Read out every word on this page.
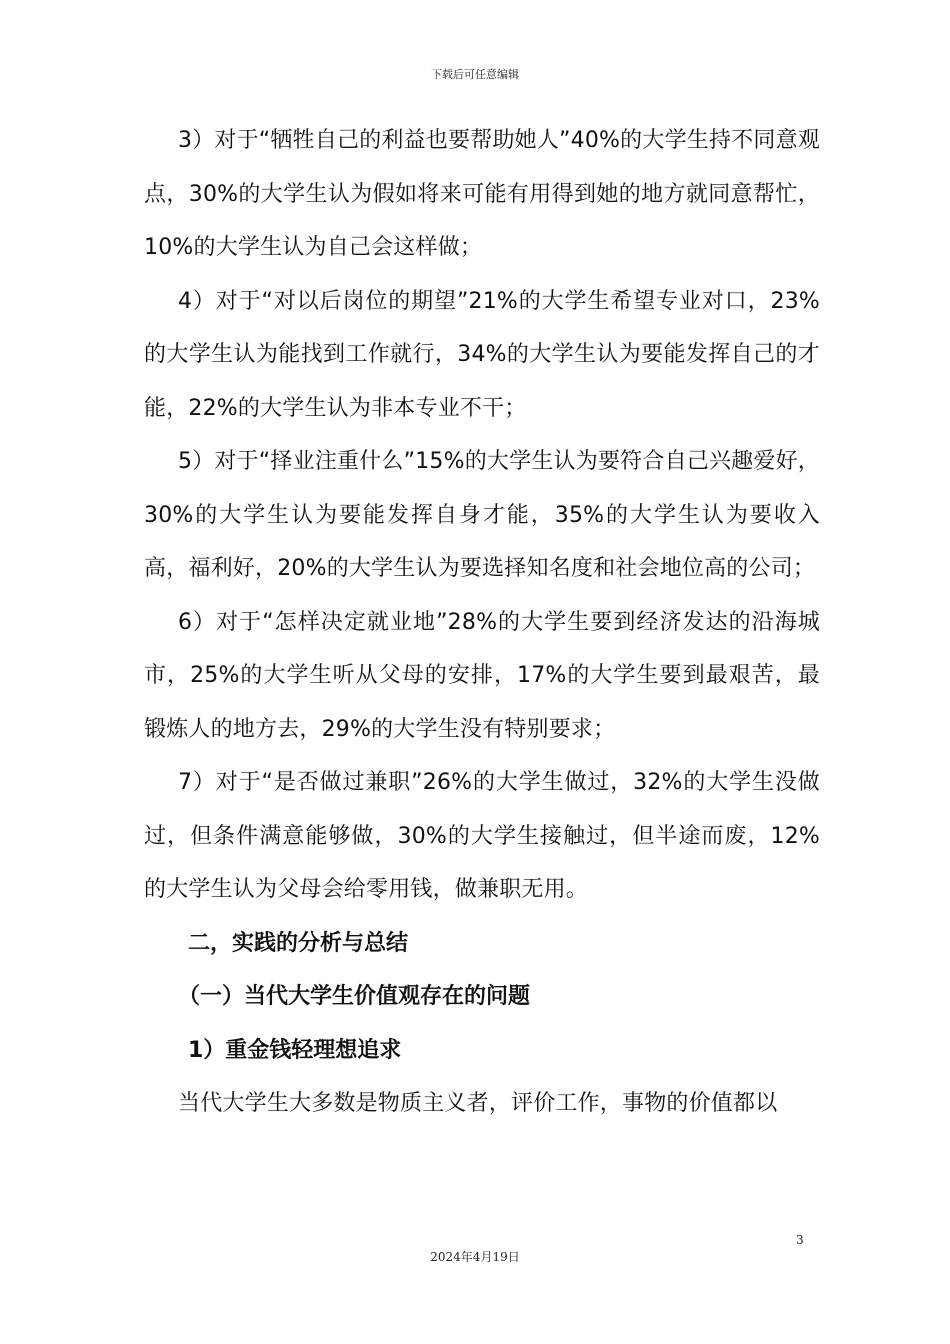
下载后可任意编辑

3）对于“牺牲自己的利益也要帮助她人”40%的大学生持不同意观点，30%的大学生认为假如将来可能有用得到她的地方就同意帮忙，10%的大学生认为自己会这样做；

4）对于“对以后岗位的期望”21%的大学生希望专业对口，23%的大学生认为能找到工作就行，34%的大学生认为要能发挥自己的才能，22%的大学生认为非本专业不干；

5）对于“择业注重什么”15%的大学生认为要符合自己兴趣爱好，30%的大学生认为要能发挥自身才能，35%的大学生认为要收入高，福利好，20%的大学生认为要选择知名度和社会地位高的公司；

6）对于“怎样决定就业地”28%的大学生要到经济发达的沿海城市，25%的大学生听从父母的安排，17%的大学生要到最艰苦，最锻炼人的地方去，29%的大学生没有特别要求；

7）对于“是否做过兼职”26%的大学生做过，32%的大学生没做过，但条件满意能够做，30%的大学生接触过，但半途而废，12%的大学生认为父母会给零用钱，做兼职无用。

二，实践的分析与总结

（一）当代大学生价值观存在的问题

1）重金钱轻理想追求

当代大学生大多数是物质主义者，评价工作，事物的价值都以

3
2024年4月19日
